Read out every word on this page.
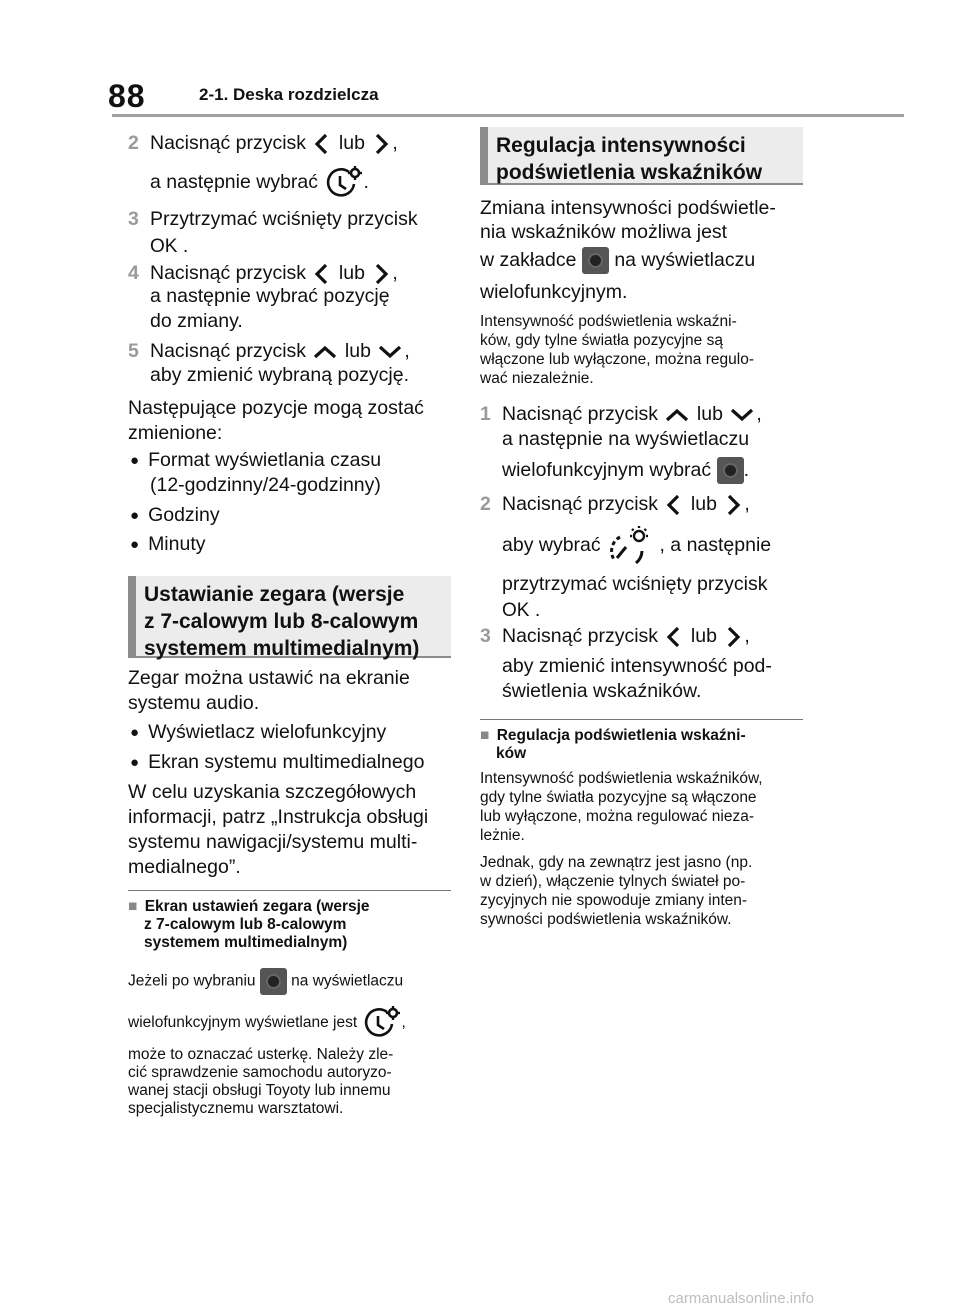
88	2-1. Deska rozdzielcza
2 Nacisnąć przycisk lub ,
a następnie wybrać .
3 Przytrzymać wciśnięty przycisk
OK .
4 Nacisnąć przycisk lub ,
a następnie wybrać pozycję
do zmiany.
5 Nacisnąć przycisk lub ,
aby zmienić wybraną pozycję.
Następujące pozycje mogą zostać
zmienione:
● Format wyświetlania czasu
(12-godzinny/24-godzinny)
● Godziny
● Minuty
Ustawianie zegara (wersje
z 7-calowym lub 8-calowym
systemem multimedialnym)
Zegar można ustawić na ekranie
systemu audio.
● Wyświetlacz wielofunkcyjny
● Ekran systemu multimedialnego
W celu uzyskania szczegółowych
informacji, patrz „Instrukcja obsługi
systemu nawigacji/systemu multi-
medialnego”.
■ Ekran ustawień zegara (wersje
z 7-calowym lub 8-calowym
systemem multimedialnym)
Jeżeli po wybraniu na wyświetlaczu
wielofunkcyjnym wyświetlane jest	,
może to oznaczać usterkę. Należy zle-
cić sprawdzenie samochodu autoryzo-
wanej stacji obsługi Toyoty lub innemu
specjalistycznemu warsztatowi.
Regulacja intensywności
podświetlenia wskaźników
Zmiana intensywności podświetle-
nia wskaźników możliwa jest
w zakładce na wyświetlaczu
wielofunkcyjnym.
Intensywność podświetlenia wskaźni-
ków, gdy tylne światła pozycyjne są
włączone lub wyłączone, można regulo-
wać niezależnie.
1 Nacisnąć przycisk lub ,
a następnie na wyświetlaczu
wielofunkcyjnym wybrać .
2 Nacisnąć przycisk lub ,
aby wybrać	, a następnie
przytrzymać wciśnięty przycisk
OK .
3 Nacisnąć przycisk lub ,
aby zmienić intensywność pod-
świetlenia wskaźników.
■ Regulacja podświetlenia wskaźni-
ków
Intensywność podświetlenia wskaźników,
gdy tylne światła pozycyjne są włączone
lub wyłączone, można regulować nieza-
leżnie.
Jednak, gdy na zewnątrz jest jasno (np.
w dzień), włączenie tylnych świateł po-
zycyjnych nie spowoduje zmiany inten-
sywności podświetlenia wskaźników.
carmanualsonline.info
